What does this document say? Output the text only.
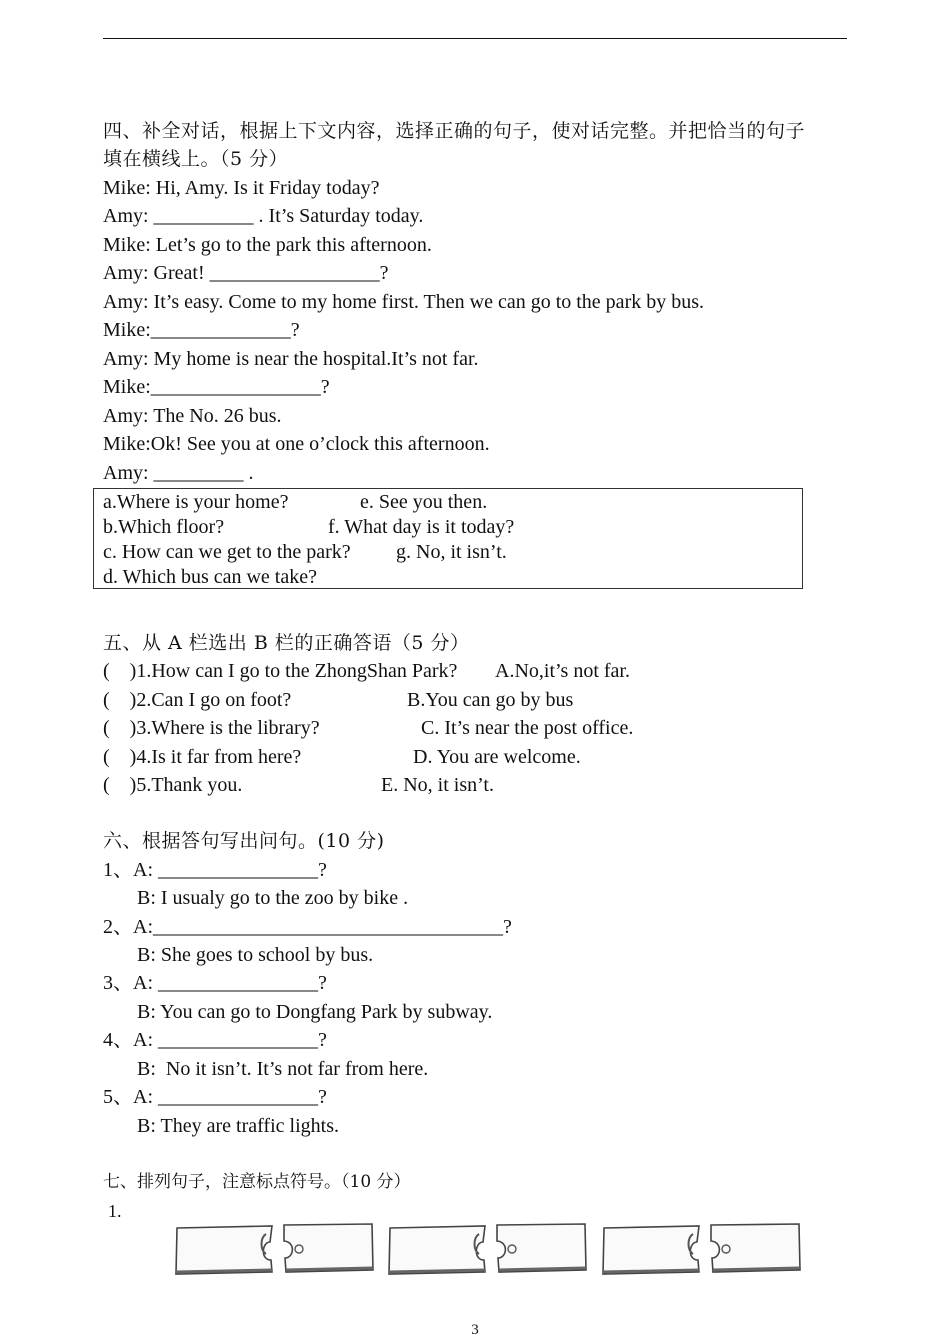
四、补全对话，根据上下文内容，选择正确的句子，使对话完整。并把恰当的句子
填在横线上。（5 分）
Mike: Hi, Amy. Is it Friday today?
Amy: __________ . It’s Saturday today.
Mike: Let’s go to the park this afternoon.
Amy: Great! _________________?
Amy: It’s easy. Come to my home first. Then we can go to the park by bus.
Mike:______________?
Amy: My home is near the hospital.It’s not far.
Mike:_________________?
Amy: The No. 26 bus.
Mike:Ok! See you at one o’clock this afternoon.
Amy: _________ .
a.Where is your home?
b.Which floor?
c. How can we get to the park?
d. Which bus can we take?
e. See you then.
f. What day is it today?
g. No, it isn’t.
五、从 A 栏选出 B 栏的正确答语（5 分）
(    )1.How can I go to the ZhongShan Park?
(    )2.Can I go on foot?
(    )3.Where is the library?
(    )4.Is it far from here?
(    )5.Thank you.
A.No,it’s not far.
B.You can go by bus
C. It’s near the post office.
D. You are welcome.
E. No, it isn’t.
六、根据答句写出问句。(10 分)
1、A: ________________?
B: I usualy go to the zoo by bike .
2、A:___________________________________?
B: She goes to school by bus.
3、A: ________________?
B: You can go to Dongfang Park by subway.
4、A: ________________?
B:  No it isn’t. It’s not far from here.
5、A: ________________?
B: They are traffic lights.
七、排列句子，注意标点符号。（10 分）
1.
3
